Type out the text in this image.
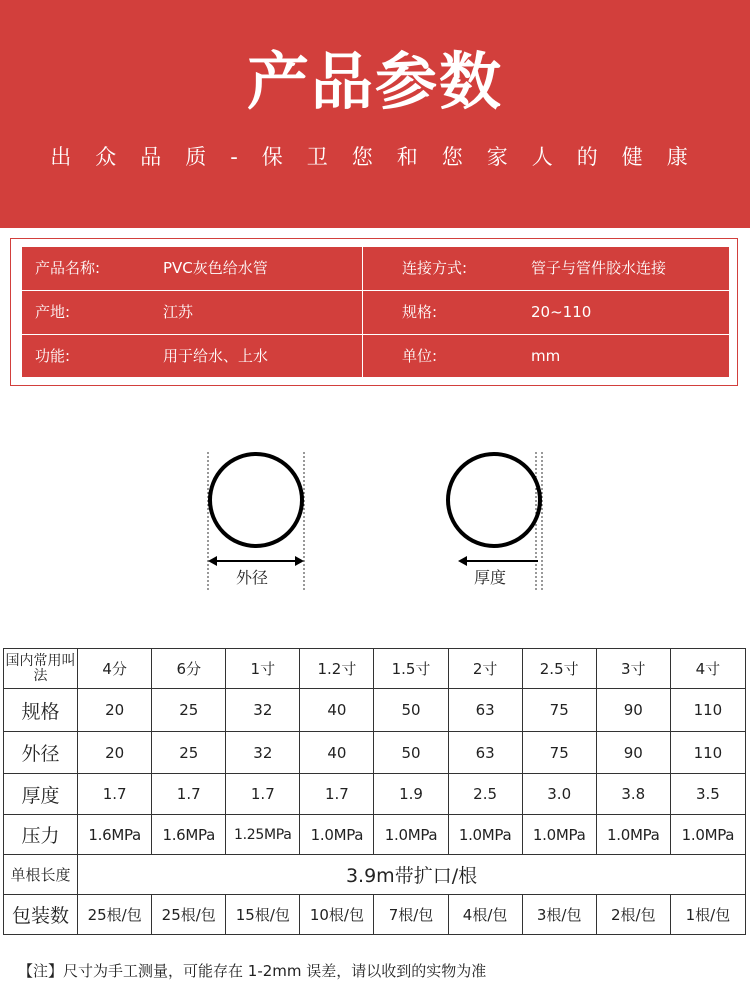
产品参数
出众品质-保卫您和您家人的健康
产品名称:	PVC灰色给水管	连接方式:	管子与管件胶水连接
产地:	江苏	规格:	20~110
功能:	用于给水、上水	单位:	mm
外径	厚度
国内常用叫法	4分	6分	1寸	1.2寸	1.5寸	2寸	2.5寸	3寸	4寸
规格	20	25	32	40	50	63	75	90	110
外径	20	25	32	40	50	63	75	90	110
厚度	1.7	1.7	1.7	1.7	1.9	2.5	3.0	3.8	3.5
压力	1.6MPa	1.6MPa	1.25MPa	1.0MPa	1.0MPa	1.0MPa	1.0MPa	1.0MPa	1.0MPa
单根长度	3.9m带扩口/根								
包装数	25根/包	25根/包	15根/包	10根/包	7根/包	4根/包	3根/包	2根/包	1根/包
【注】尺寸为手工测量，可能存在 1-2mm 误差，请以收到的实物为准
